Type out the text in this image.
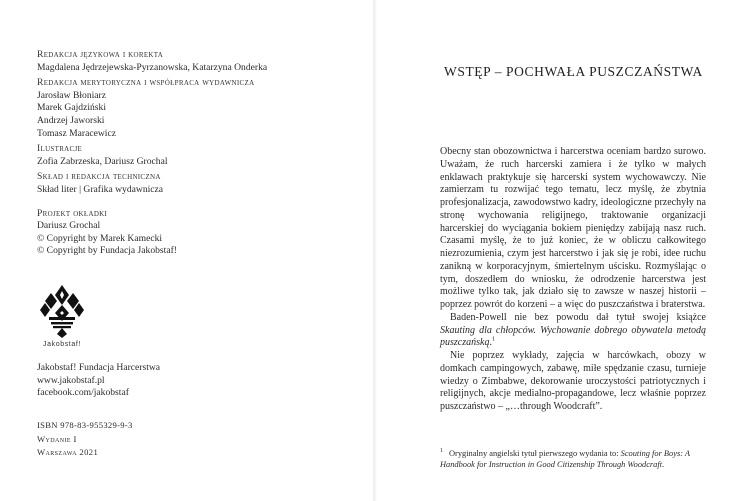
Redakcja językowa i korekta
Magdalena Jędrzejewska-Pyrzanowska, Katarzyna Onderka
Redakcja merytoryczna i współpraca wydawnicza
Jarosław Błoniarz
Marek Gajdziński
Andrzej Jaworski
Tomasz Maracewicz
Ilustracje
Zofia Zabrzeska, Dariusz Grochal
Skład i redakcja techniczna
Skład liter | Grafika wydawnicza
Projekt okładki
Dariusz Grochal
© Copyright by Marek Kamecki
© Copyright by Fundacja Jakobstaf!
Jakobstaf!
Jakobstaf! Fundacja Harcerstwa
www.jakobstaf.pl
facebook.com/jakobstaf
ISBN 978-83-955329-9-3
Wydanie I
Warszawa 2021
WSTĘP – POCHWAŁA PUSZCZAŃSTWA

Obecny stan obozownictwa i harcerstwa oceniam bardzo surowo. Uważam, że ruch harcerski zamiera i że tylko w małych enklawach praktykuje się harcerski system wychowawczy. Nie zamierzam tu rozwijać tego tematu, lecz myślę, że zbytnia profesjonalizacja, zawodowstwo kadry, ideologiczne przechyły na stronę wychowania religijnego, traktowanie organizacji harcerskiej do wyciągania bokiem pieniędzy zabijają nasz ruch. Czasami myślę, że to już koniec, że w obliczu całkowitego niezrozumienia, czym jest harcerstwo i jak się je robi, idee ruchu zanikną w korporacyjnym, śmiertelnym uścisku. Rozmyślając o tym, doszedłem do wniosku, że odrodzenie harcerstwa jest możliwe tylko tak, jak działo się to zawsze w naszej historii – poprzez powrót do korzeni – a więc do puszczaństwa i braterstwa.

Baden-Powell nie bez powodu dał tytuł swojej książce Skauting dla chłopców. Wychowanie dobrego obywatela metodą puszczańską.$^1$

Nie poprzez wykłady, zajęcia w harcówkach, obozy w domkach campingowych, zabawę, miłe spędzanie czasu, turnieje wiedzy o Zimbabwe, dekorowanie uroczystości patriotycznych i religijnych, akcje medialno-propagandowe, lecz właśnie poprzez puszczaństwo – „…through Woodcraft”.

$^1$ Oryginalny angielski tytuł pierwszego wydania to: Scouting for Boys: A Handbook for Instruction in Good Citizenship Through Woodcraft.
